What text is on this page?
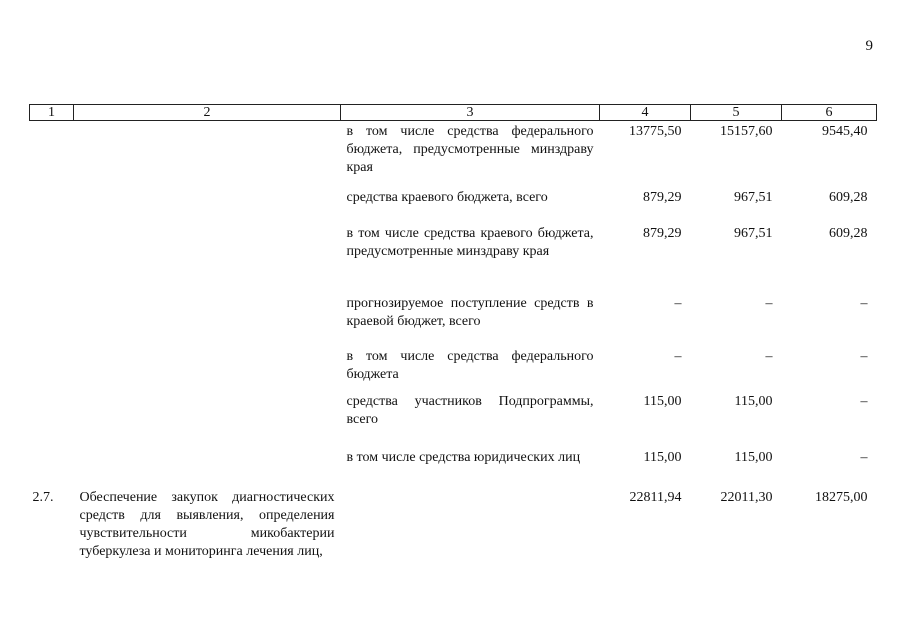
9
1	2	3	4	5	6
		в том числе средства федерального бюджета, предусмотренные минздраву края	13775,50	15157,60	9545,40
		средства краевого бюджета, всего	879,29	967,51	609,28
		в том числе средства краевого бюджета, предусмотренные минздраву края	879,29	967,51	609,28
		прогнозируемое поступление средств в краевой бюджет, всего	–	–	–
		в том числе средства федерального бюджета	–	–	–
		средства участников Подпрограммы, всего	115,00	115,00	–
		в том числе средства юридических лиц	115,00	115,00	–
2.7.	Обеспечение закупок диагностических средств для выявления, определения чувствительности микобактерии туберкулеза и мониторинга лечения лиц,		22811,94	22011,30	18275,00
